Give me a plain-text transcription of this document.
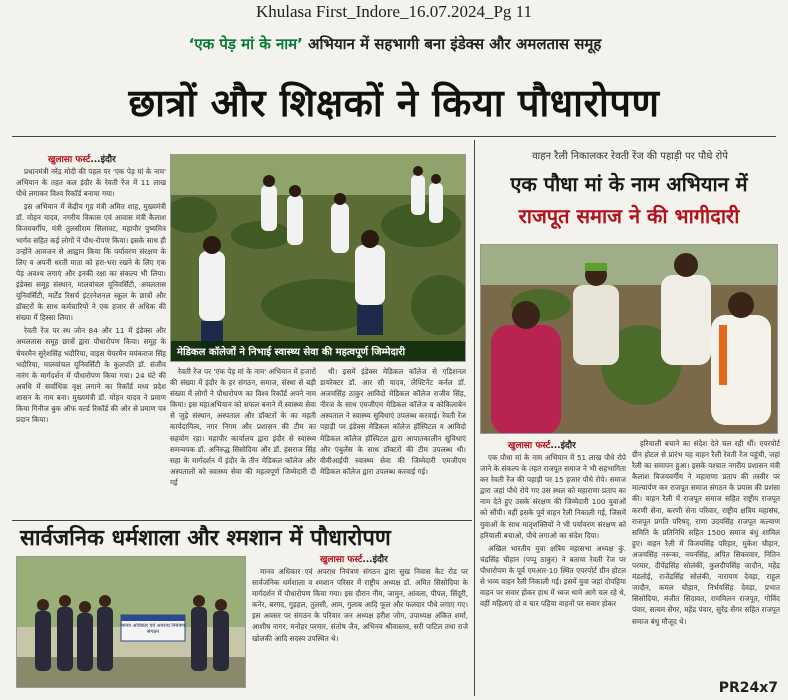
Khulasa First_Indore_16.07.2024_Pg 11
‘एक पेड़ मां के नाम’ अभियान में सहभागी बना इंडेक्स और अमलतास समूह
छात्रों और शिक्षकों ने किया पौधारोपण
खुलासा फर्स्ट...इंदौर

प्रधानमंत्री नरेंद्र मोदी की पहल पर 'एक पेड़ मां के नाम' अभियान के तहत कल इंदौर के रेवती रेंज में 11 लाख पौधे लगाकर विश्व रिकॉर्ड बनाया गया।

इस अभियान में केंद्रीय गृह मंत्री अमित शाह, मुख्यमंत्री डॉ. मोहन यादव, नगरीय विकास एवं आवास मंत्री कैलाश विजयवर्गीय, मंत्री तुलसीराम सिलावट, महापौर पुष्यमित्र भार्गव सहित कई लोगों ने पौध-रोपण किया। इसके साथ ही उन्होंने आमजन से आह्वान किया कि पर्यावरण संरक्षण के लिए व अपनी धरती माता को हरा-भरा रखने के लिए एक पेड़ अवश्य लगाएं और इनकी रक्षा का संकल्प भी लिया। इंडेक्स समूह संस्थान, मालवांचल यूनिवर्सिटी, अमलतास यूनिवर्सिटी, मार्टेंड रिसर्च इंटरनेशनल स्कूल के छात्रों और डॉक्टरों के साथ कर्मचारियों ने एक हजार से अधिक की संख्या में हिस्सा लिया।

रेवती रेंज पर स्थ जोन 84 और 11 में इंडेक्स और अमलतास समूह छात्रों द्वारा पौधारोपण किया। समूह के चेयरमैन सुरेशसिंह भदौरिया, वाइस चेयरमैन मयंकराज सिंह भदौरिया, मालवांचल यूनिवर्सिटी के कुलपति डॉ. संजीव नारंग के मार्गदर्शन में पौधारोपण किया गया। 24 घंटे की अवधि में सर्वाधिक वृक्ष लगाने का रिकॉर्ड मध्य प्रदेश शासन के नाम बना। मुख्यमंत्री डॉ. मोहन यादव ने प्रमाण किया गिनीज बुक ऑफ वर्ल्ड रिकॉर्ड की ओर से प्रमाण पत्र प्रदान किया।

मेडिकल कॉलेजों ने निभाई स्वास्थ्य सेवा की महत्वपूर्ण जिम्मेदारी

रेवती रेंज पर 'एक पेड़ मां के नाम' अभियान में हजारों की संख्या में इंदौर के हर संगठन, समाज, संस्था से बड़ी संख्या में लोगों ने पौधारोपण का विश्व रिकॉर्ड अपने नाम किया। इस महाअभियान को सफल बनाने में स्वास्थ्य सेवा से जुड़े संस्थान, अस्पताल और डॉक्टरों के का महती कार्यदायित्व, नगर निगम और प्रशासन की टीम का सहयोग रहा। महापौर कार्यालय द्वारा इंदौर से स्वास्थ्य समन्वयक डॉ. अनिरुद्ध सिसोदिया और डॉ. हंसराज सिंह सहा के मार्गदर्शन में इंदौर के तीन मेडिकल कॉलेज और अस्पतालों को स्वास्थ्य सेवा की महत्वपूर्ण जिम्मेदारी दी गई

थी। इसमें इंडेक्स मेडिकल कॉलेज से एडिशनल डायरेक्टर डॉ. आर सी यादव, लेफ्टिनेंट कर्नल डॉ. अजयसिंह ठाकुर आविदो मेडिकल कॉलेज राजीव सिंह, नीरज के साथ एमजीएम मेडिकल कॉलेज व कोकिलाबेन अस्पताल ने स्वास्थ्य सुविधाएं उपलब्ध करवाई। रेवती रेंज पहाड़ी पर इंडेक्स मेडिकल कॉलेज हॉस्पिटल व आविदो मेडिकल कॉलेज हॉस्पिटल द्वारा आपातकालीन सुविधाएं और एंबुलेंस के साथ डॉक्टरों की टीम उपलब्ध थी। वीवीआईपी स्वास्थ्य सेवा की जिम्मेदारी एमजीएम मेडिकल कॉलेज द्वारा उपलब्ध करवाई गई।

वाहन रैली निकालकर रेवती रेंज की पहाड़ी पर पौधे रोपे
एक पौधा मां के नाम अभियान में
राजपूत समाज ने की भागीदारी
खुलासा फर्स्ट...इंदौर

एक पौधा मां के नाम अभियान में 51 लाख पौधे रोपे जाने के संकल्प के तहत राजपूत समाज ने भी सहभागिता कर रेवती रेंज की पहाड़ी पर 15 हजार पौधे रोपे। समाज द्वारा जहां पौधे रोपे गए उस स्थल को महाराणा प्रताप का नाम देते हुए उसके संरक्षण की जिम्मेदारी 100 युवाओं को सौंपी। वहीं इसके पूर्व वाहन रैली निकाली गई, जिसमें युवाओं के साथ मातृशक्तियों ने भी पर्यावरण संरक्षण को हरियाली बचाओ, पौधे लगाओ का संदेश दिया।

अखिल भारतीय युवा क्षत्रिय महासभा अध्यक्ष कुं. चंद्रसिंह चौहान (पप्पू ठाकुर) ने बताया रेवती रेंज पर पौधारोपण के पूर्व एमआर-10 स्थित एयरपोर्ट ग्रीन होटल से भव्य वाहन रैली निकाली गई। इसमें युवा जहां दोपहिया वाहन पर सवार होकर हाथ में ध्वज थामे आगे चल रहे थे, वहीं महिलाएं दो व चार पहिया वाहनों पर सवार होकर

हरियाली बचाने का संदेश देते चल रही थीं। एयरपोर्ट ग्रीन होटल से प्रारंभ यह वाहन रैली रेवती रेंज पहुंची, जहां रैली का समापन हुआ। इसके पश्चात नगरीय प्रशासन मंत्री कैलाश विजयवर्गीय ने महाराणा प्रताप की तस्वीर पर माल्यार्पण कर राजपूत समाज संगठन के प्रयास की प्रशंसा की। वाहन रैली में राजपूत समाज सहित राष्ट्रीय राजपूत करणी सेना, करणी सेना परिवार, राष्ट्रीय क्षत्रिय महासंघ, राजपूत प्रगति परिषद्, राणा उदयसिंह राजपूत कल्याण समिति के प्रतिनिधि सहित 1500 समाज बंधु शामिल हुए। वाहन रैली में विजयसिंह परिहार, मुकेश चौहान, अजयसिंह नरूका, नयनसिंह, अपित सिकरवार, नितिन परमार, दीपेंद्रसिंह सोलंकी, कुलदीपसिंह जादौन, महेंद्र मंडलोई, राजेंद्रसिंह सोलंकी, नारायण देवड़ा, राहुल जादौन, कमल चौहान, निर्भयसिंह देवड़ा, प्रभात सिसोदिया, मंजीत सिदावत, राममिलन राजपूत, गोविंद पंवार, सत्यम सेंगर, महेंद्र पंवार, सुरेंद्र सेंगर सहित राजपूत समाज बंधु मौजूद थे।

सार्वजनिक धर्मशाला और श्मशान में पौधारोपण
खुलासा फर्स्ट...इंदौर
मानव अधिकार एवं अपराध नियंत्रण संगठन

मानव अधिकार एवं अपराध नियंत्रण संगठन द्वारा सुख निवास कैट रोड पर सार्वजनिक धर्मशाला व श्मशान परिसर में राष्ट्रीय अध्यक्ष डॉ. अमित सिसोदिया के मार्गदर्शन में पौधारोपण किया गया। इस दौरान नीम, जामुन, आंवला, पीपल, सिंदूरी, कनेर, बरगद, गुड़हल, तुलसी, आम, गुलाब आदि फूल और फलदार पौधे लगाए गए। इस अवसर पर संगठन के परिवार जन अध्यक्ष हरीश जोग, उपाध्यक्ष अंकित शर्मा, आशीष नागर, मनोहर परमार, संतोष जैन, अभिनव श्रीवास्तव, सरी पाटिल तथा राजे खोलकी आदि सदस्य उपस्थित थे।

PR24x7
